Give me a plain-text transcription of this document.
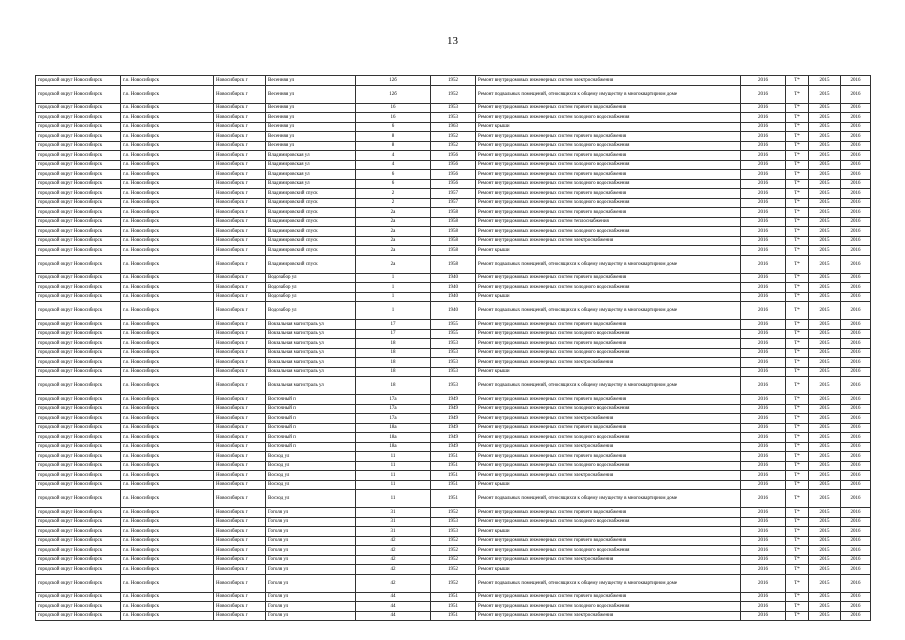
13
городской округ Новосибирск	г.о. Новосибирск	Новосибирск г	Весенняя ул	12б	1952	Ремонт внутридомовых инженерных систем электроснабжения	2016	Т*	2015	2016
городской округ Новосибирск	г.о. Новосибирск	Новосибирск г	Весенняя ул	12б	1952	Ремонт подвальных помещений, относящихся к общему имуществу в многоквартирном доме	2016	Т*	2015	2016
городской округ Новосибирск	г.о. Новосибирск	Новосибирск г	Весенняя ул	16	1953	Ремонт внутридомовых инженерных систем горячего водоснабжения	2016	Т*	2015	2016
городской округ Новосибирск	г.о. Новосибирск	Новосибирск г	Весенняя ул	16	1953	Ремонт внутридомовых инженерных систем холодного водоснабжения	2016	Т*	2015	2016
городской округ Новосибирск	г.о. Новосибирск	Новосибирск г	Весенняя ул	6	1963	Ремонт крыши	2016	Т*	2015	2016
городской округ Новосибирск	г.о. Новосибирск	Новосибирск г	Весенняя ул	8	1952	Ремонт внутридомовых инженерных систем горячего водоснабжения	2016	Т*	2015	2016
городской округ Новосибирск	г.о. Новосибирск	Новосибирск г	Весенняя ул	8	1952	Ремонт внутридомовых инженерных систем холодного водоснабжения	2016	Т*	2015	2016
городской округ Новосибирск	г.о. Новосибирск	Новосибирск г	Владимировская ул	4	1956	Ремонт внутридомовых инженерных систем горячего водоснабжения	2016	Т*	2015	2016
городской округ Новосибирск	г.о. Новосибирск	Новосибирск г	Владимировская ул	4	1956	Ремонт внутридомовых инженерных систем холодного водоснабжения	2016	Т*	2015	2016
городской округ Новосибирск	г.о. Новосибирск	Новосибирск г	Владимировская ул	6	1956	Ремонт внутридомовых инженерных систем горячего водоснабжения	2016	Т*	2015	2016
городской округ Новосибирск	г.о. Новосибирск	Новосибирск г	Владимировская ул	6	1956	Ремонт внутридомовых инженерных систем холодного водоснабжения	2016	Т*	2015	2016
городской округ Новосибирск	г.о. Новосибирск	Новосибирск г	Владимировский спуск	2	1957	Ремонт внутридомовых инженерных систем горячего водоснабжения	2016	Т*	2015	2016
городской округ Новосибирск	г.о. Новосибирск	Новосибирск г	Владимировский спуск	2	1957	Ремонт внутридомовых инженерных систем холодного водоснабжения	2016	Т*	2015	2016
городской округ Новосибирск	г.о. Новосибирск	Новосибирск г	Владимировский спуск	2а	1958	Ремонт внутридомовых инженерных систем горячего водоснабжения	2016	Т*	2015	2016
городской округ Новосибирск	г.о. Новосибирск	Новосибирск г	Владимировский спуск	2а	1958	Ремонт внутридомовых инженерных систем теплоснабжения	2016	Т*	2015	2016
городской округ Новосибирск	г.о. Новосибирск	Новосибирск г	Владимировский спуск	2а	1958	Ремонт внутридомовых инженерных систем холодного водоснабжения	2016	Т*	2015	2016
городской округ Новосибирск	г.о. Новосибирск	Новосибирск г	Владимировский спуск	2а	1958	Ремонт внутридомовых инженерных систем электроснабжения	2016	Т*	2015	2016
городской округ Новосибирск	г.о. Новосибирск	Новосибирск г	Владимировский спуск	2а	1958	Ремонт крыши	2016	Т*	2015	2016
городской округ Новосибирск	г.о. Новосибирск	Новосибирск г	Владимировский спуск	2а	1958	Ремонт подвальных помещений, относящихся к общему имуществу в многоквартирном доме	2016	Т*	2015	2016
городской округ Новосибирск	г.о. Новосибирск	Новосибирск г	Водозабор ул	1	1940	Ремонт внутридомовых инженерных систем горячего водоснабжения	2016	Т*	2015	2016
городской округ Новосибирск	г.о. Новосибирск	Новосибирск г	Водозабор ул	1	1940	Ремонт внутридомовых инженерных систем холодного водоснабжения	2016	Т*	2015	2016
городской округ Новосибирск	г.о. Новосибирск	Новосибирск г	Водозабор ул	1	1940	Ремонт крыши	2016	Т*	2015	2016
городской округ Новосибирск	г.о. Новосибирск	Новосибирск г	Водозабор ул	1	1940	Ремонт подвальных помещений, относящихся к общему имуществу в многоквартирном доме	2016	Т*	2015	2016
городской округ Новосибирск	г.о. Новосибирск	Новосибирск г	Вокзальная магистраль ул	17	1955	Ремонт внутридомовых инженерных систем горячего водоснабжения	2016	Т*	2015	2016
городской округ Новосибирск	г.о. Новосибирск	Новосибирск г	Вокзальная магистраль ул	17	1955	Ремонт внутридомовых инженерных систем холодного водоснабжения	2016	Т*	2015	2016
городской округ Новосибирск	г.о. Новосибирск	Новосибирск г	Вокзальная магистраль ул	18	1953	Ремонт внутридомовых инженерных систем горячего водоснабжения	2016	Т*	2015	2016
городской округ Новосибирск	г.о. Новосибирск	Новосибирск г	Вокзальная магистраль ул	18	1953	Ремонт внутридомовых инженерных систем холодного водоснабжения	2016	Т*	2015	2016
городской округ Новосибирск	г.о. Новосибирск	Новосибирск г	Вокзальная магистраль ул	18	1953	Ремонт внутридомовых инженерных систем электроснабжения	2016	Т*	2015	2016
городской округ Новосибирск	г.о. Новосибирск	Новосибирск г	Вокзальная магистраль ул	18	1953	Ремонт крыши	2016	Т*	2015	2016
городской округ Новосибирск	г.о. Новосибирск	Новосибирск г	Вокзальная магистраль ул	18	1953	Ремонт подвальных помещений, относящихся к общему имуществу в многоквартирном доме	2016	Т*	2015	2016
городской округ Новосибирск	г.о. Новосибирск	Новосибирск г	Восточный п	17а	1949	Ремонт внутридомовых инженерных систем горячего водоснабжения	2016	Т*	2015	2016
городской округ Новосибирск	г.о. Новосибирск	Новосибирск г	Восточный п	17а	1949	Ремонт внутридомовых инженерных систем холодного водоснабжения	2016	Т*	2015	2016
городской округ Новосибирск	г.о. Новосибирск	Новосибирск г	Восточный п	17а	1949	Ремонт внутридомовых инженерных систем электроснабжения	2016	Т*	2015	2016
городской округ Новосибирск	г.о. Новосибирск	Новосибирск г	Восточный п	18а	1949	Ремонт внутридомовых инженерных систем горячего водоснабжения	2016	Т*	2015	2016
городской округ Новосибирск	г.о. Новосибирск	Новосибирск г	Восточный п	18а	1949	Ремонт внутридомовых инженерных систем холодного водоснабжения	2016	Т*	2015	2016
городской округ Новосибирск	г.о. Новосибирск	Новосибирск г	Восточный п	18а	1949	Ремонт внутридомовых инженерных систем электроснабжения	2016	Т*	2015	2016
городской округ Новосибирск	г.о. Новосибирск	Новосибирск г	Восход ул	11	1951	Ремонт внутридомовых инженерных систем горячего водоснабжения	2016	Т*	2015	2016
городской округ Новосибирск	г.о. Новосибирск	Новосибирск г	Восход ул	11	1951	Ремонт внутридомовых инженерных систем холодного водоснабжения	2016	Т*	2015	2016
городской округ Новосибирск	г.о. Новосибирск	Новосибирск г	Восход ул	11	1951	Ремонт внутридомовых инженерных систем электроснабжения	2016	Т*	2015	2016
городской округ Новосибирск	г.о. Новосибирск	Новосибирск г	Восход ул	11	1951	Ремонт крыши	2016	Т*	2015	2016
городской округ Новосибирск	г.о. Новосибирск	Новосибирск г	Восход ул	11	1951	Ремонт подвальных помещений, относящихся к общему имуществу в многоквартирном доме	2016	Т*	2015	2016
городской округ Новосибирск	г.о. Новосибирск	Новосибирск г	Гоголя ул	31	1952	Ремонт внутридомовых инженерных систем горячего водоснабжения	2016	Т*	2015	2016
городской округ Новосибирск	г.о. Новосибирск	Новосибирск г	Гоголя ул	31	1953	Ремонт внутридомовых инженерных систем холодного водоснабжения	2016	Т*	2015	2016
городской округ Новосибирск	г.о. Новосибирск	Новосибирск г	Гоголя ул	31	1953	Ремонт крыши	2016	Т*	2015	2016
городской округ Новосибирск	г.о. Новосибирск	Новосибирск г	Гоголя ул	42	1952	Ремонт внутридомовых инженерных систем горячего водоснабжения	2016	Т*	2015	2016
городской округ Новосибирск	г.о. Новосибирск	Новосибирск г	Гоголя ул	42	1952	Ремонт внутридомовых инженерных систем холодного водоснабжения	2016	Т*	2015	2016
городской округ Новосибирск	г.о. Новосибирск	Новосибирск г	Гоголя ул	42	1952	Ремонт внутридомовых инженерных систем электроснабжения	2016	Т*	2015	2016
городской округ Новосибирск	г.о. Новосибирск	Новосибирск г	Гоголя ул	42	1952	Ремонт крыши	2016	Т*	2015	2016
городской округ Новосибирск	г.о. Новосибирск	Новосибирск г	Гоголя ул	42	1952	Ремонт подвальных помещений, относящихся к общему имуществу в многоквартирном доме	2016	Т*	2015	2016
городской округ Новосибирск	г.о. Новосибирск	Новосибирск г	Гоголя ул	44	1951	Ремонт внутридомовых инженерных систем горячего водоснабжения	2016	Т*	2015	2016
городской округ Новосибирск	г.о. Новосибирск	Новосибирск г	Гоголя ул	44	1951	Ремонт внутридомовых инженерных систем холодного водоснабжения	2016	Т*	2015	2016
городской округ Новосибирск	г.о. Новосибирск	Новосибирск г	Гоголя ул	44	1951	Ремонт внутридомовых инженерных систем электроснабжения	2016	Т*	2015	2016
